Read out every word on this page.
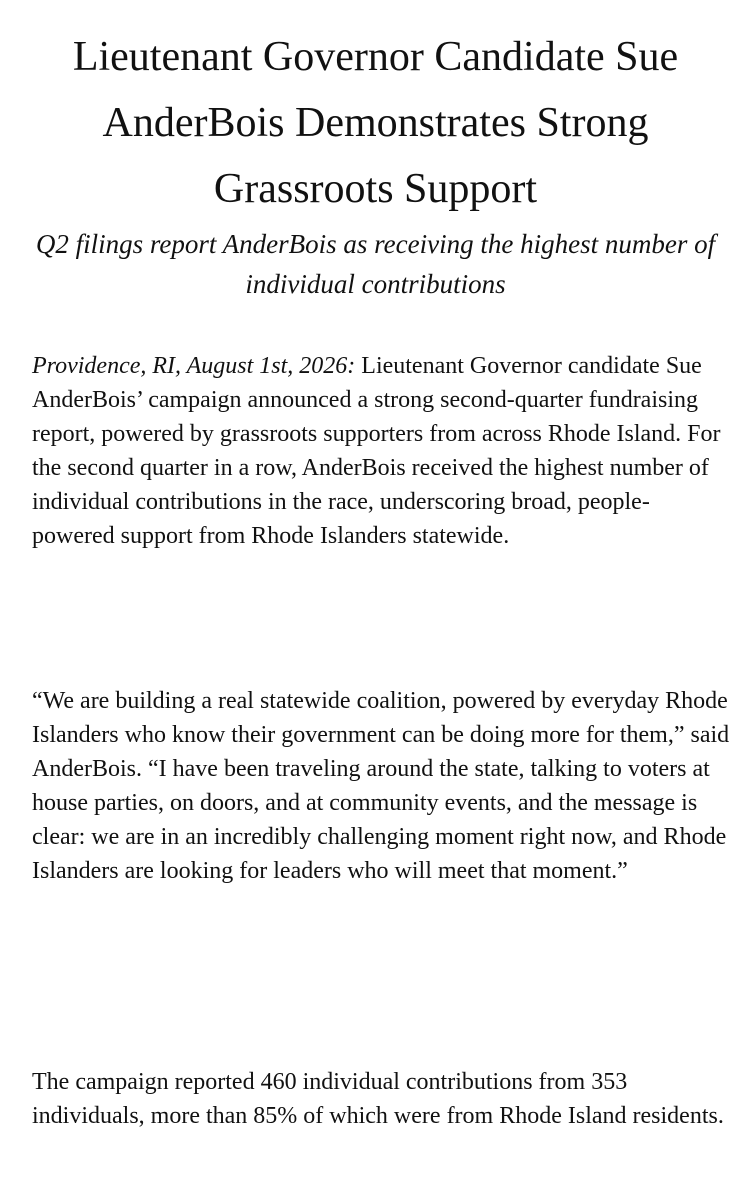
Lieutenant Governor Candidate Sue AnderBois Demonstrates Strong Grassroots Support

Q2 filings report AnderBois as receiving the highest number of individual contributions

Providence, RI, August 1st, 2026: Lieutenant Governor candidate Sue AnderBois’ campaign announced a strong second-quarter fundraising report, powered by grassroots supporters from across Rhode Island. For the second quarter in a row, AnderBois received the highest number of individual contributions in the race, underscoring broad, people-powered support from Rhode Islanders statewide.

“We are building a real statewide coalition, powered by everyday Rhode Islanders who know their government can be doing more for them,” said AnderBois. “I have been traveling around the state, talking to voters at house parties, on doors, and at community events, and the message is clear: we are in an incredibly challenging moment right now, and Rhode Islanders are looking for leaders who will meet that moment.”

The campaign reported 460 individual contributions from 353 individuals, more than 85% of which were from Rhode Island residents.
